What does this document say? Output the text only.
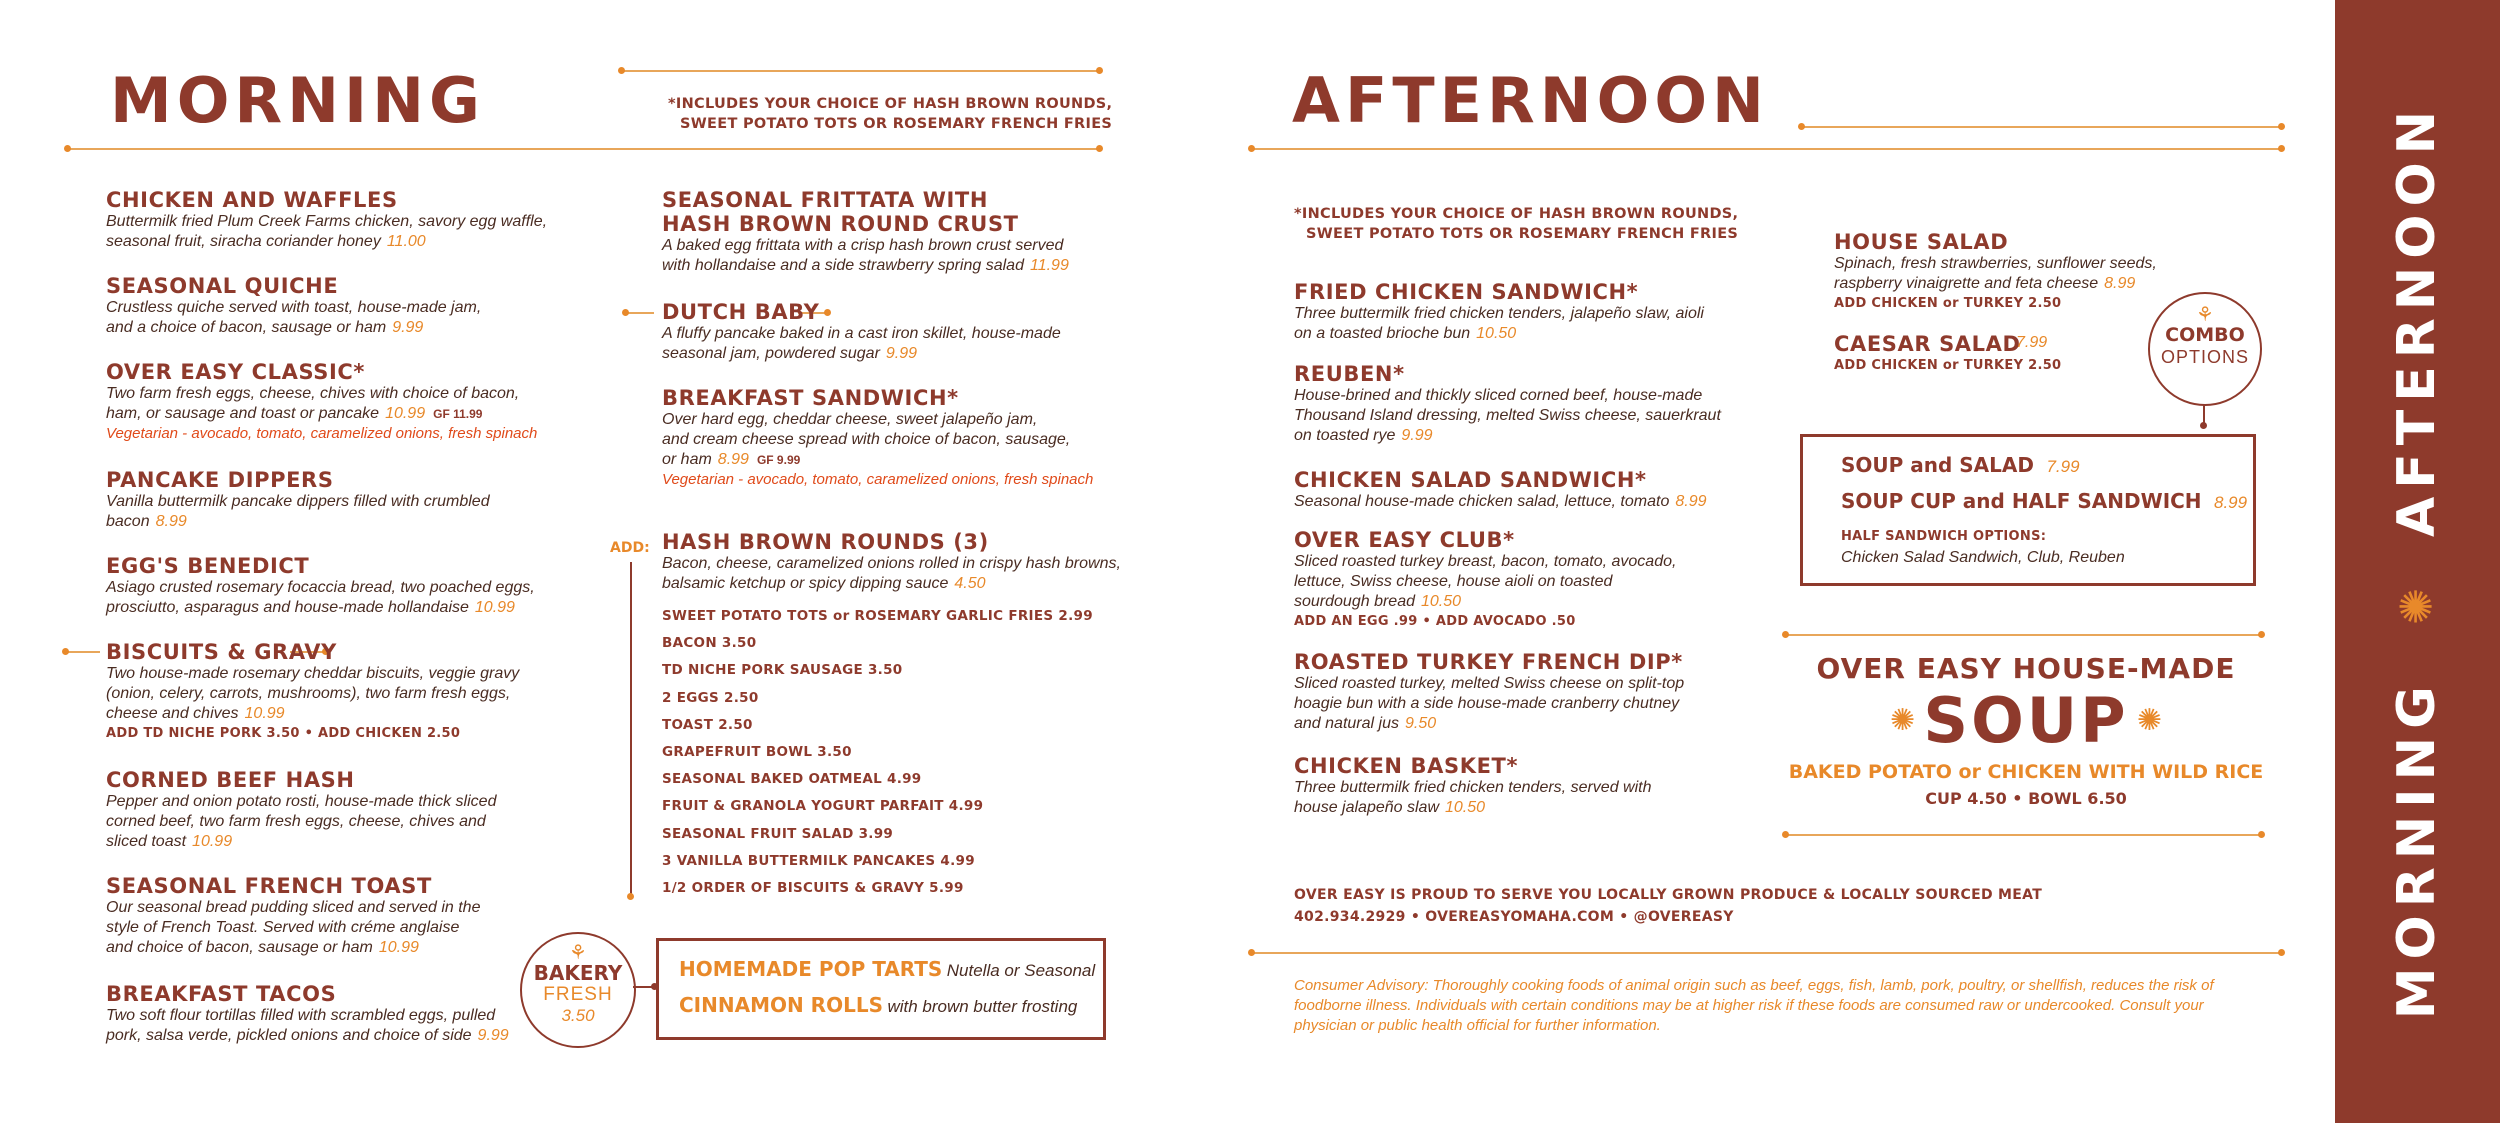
MORNING	*INCLUDES YOUR CHOICE OF HASH BROWN ROUNDS,
SWEET POTATO TOTS OR ROSEMARY FRENCH FRIES
ADD:
⚘
BAKERY
FRESH
3.50
HOMEMADE POP TARTS Nutella or Seasonal
CINNAMON ROLLS with brown butter frosting
AFTERNOON
*INCLUDES YOUR CHOICE OF HASH BROWN ROUNDS,
SWEET POTATO TOTS OR ROSEMARY FRENCH FRIES
⚘
COMBO
OPTIONS
SOUP and SALAD 7.99
SOUP CUP and HALF SANDWICH 8.99
HALF SANDWICH OPTIONS:
Chicken Salad Sandwich, Club, Reuben
OVER EASY HOUSE-MADE
✺ SOUP ✺
BAKED POTATO or CHICKEN WITH WILD RICE
CUP 4.50 • BOWL 6.50
OVER EASY IS PROUD TO SERVE YOU LOCALLY GROWN PRODUCE & LOCALLY SOURCED MEAT
402.934.2929 • OVEREASYOMAHA.COM • @OVEREASY
Consumer Advisory: Thoroughly cooking foods of animal origin such as beef, eggs, fish, lamb, pork, poultry, or shellfish, reduces the risk of foodborne illness. Individuals with certain conditions may be at higher risk if these foods are consumed raw or undercooked. Consult your physician or public health official for further information.
MORNING ✺ AFTERNOON
CHICKEN AND WAFFLES
Buttermilk fried Plum Creek Farms chicken, savory egg waffle,
seasonal fruit, siracha coriander honey 11.00
SEASONAL QUICHE
Crustless quiche served with toast, house-made jam,
and a choice of bacon, sausage or ham 9.99
OVER EASY CLASSIC*
Two farm fresh eggs, cheese, chives with choice of bacon,
ham, or sausage and toast or pancake 10.99 GF 11.99
Vegetarian - avocado, tomato, caramelized onions, fresh spinach
PANCAKE DIPPERS
Vanilla buttermilk pancake dippers filled with crumbled
bacon 8.99
EGG'S BENEDICT
Asiago crusted rosemary focaccia bread, two poached eggs,
prosciutto, asparagus and house-made hollandaise 10.99
BISCUITS & GRAVY
Two house-made rosemary cheddar biscuits, veggie gravy
(onion, celery, carrots, mushrooms), two farm fresh eggs,
cheese and chives 10.99
ADD TD NICHE PORK 3.50 • ADD CHICKEN 2.50
CORNED BEEF HASH
Pepper and onion potato rosti, house-made thick sliced
corned beef, two farm fresh eggs, cheese, chives and
sliced toast 10.99
SEASONAL FRENCH TOAST
Our seasonal bread pudding sliced and served in the
style of French Toast. Served with créme anglaise
and choice of bacon, sausage or ham 10.99
BREAKFAST TACOS
Two soft flour tortillas filled with scrambled eggs, pulled
pork, salsa verde, pickled onions and choice of side 9.99
SEASONAL FRITTATA WITH
HASH BROWN ROUND CRUST
A baked egg frittata with a crisp hash brown crust served
with hollandaise and a side strawberry spring salad 11.99
DUTCH BABY
A fluffy pancake baked in a cast iron skillet, house-made
seasonal jam, powdered sugar 9.99
BREAKFAST SANDWICH*
Over hard egg, cheddar cheese, sweet jalapeño jam,
and cream cheese spread with choice of bacon, sausage,
or ham 8.99 GF 9.99
Vegetarian - avocado, tomato, caramelized onions, fresh spinach
HASH BROWN ROUNDS (3)
Bacon, cheese, caramelized onions rolled in crispy hash browns,
balsamic ketchup or spicy dipping sauce 4.50
FRIED CHICKEN SANDWICH*
Three buttermilk fried chicken tenders, jalapeño slaw, aioli
on a toasted brioche bun 10.50
REUBEN*
House-brined and thickly sliced corned beef, house-made
Thousand Island dressing, melted Swiss cheese, sauerkraut
on toasted rye 9.99
CHICKEN SALAD SANDWICH*
Seasonal house-made chicken salad, lettuce, tomato 8.99
OVER EASY CLUB*
Sliced roasted turkey breast, bacon, tomato, avocado,
lettuce, Swiss cheese, house aioli on toasted
sourdough bread 10.50
ADD AN EGG .99 • ADD AVOCADO .50
ROASTED TURKEY FRENCH DIP*
Sliced roasted turkey, melted Swiss cheese on split-top
hoagie bun with a side house-made cranberry chutney
and natural jus 9.50
CHICKEN BASKET*
Three buttermilk fried chicken tenders, served with
house jalapeño slaw 10.50
HOUSE SALAD
Spinach, fresh strawberries, sunflower seeds,
raspberry vinaigrette and feta cheese 8.99
ADD CHICKEN or TURKEY 2.50
CAESAR SALAD
7.99
ADD CHICKEN or TURKEY 2.50
SWEET POTATO TOTS or ROSEMARY GARLIC FRIES 2.99
BACON 3.50
TD NICHE PORK SAUSAGE 3.50
2 EGGS 2.50
TOAST 2.50
GRAPEFRUIT BOWL 3.50
SEASONAL BAKED OATMEAL 4.99
FRUIT & GRANOLA YOGURT PARFAIT 4.99
SEASONAL FRUIT SALAD 3.99
3 VANILLA BUTTERMILK PANCAKES 4.99
1/2 ORDER OF BISCUITS & GRAVY 5.99
